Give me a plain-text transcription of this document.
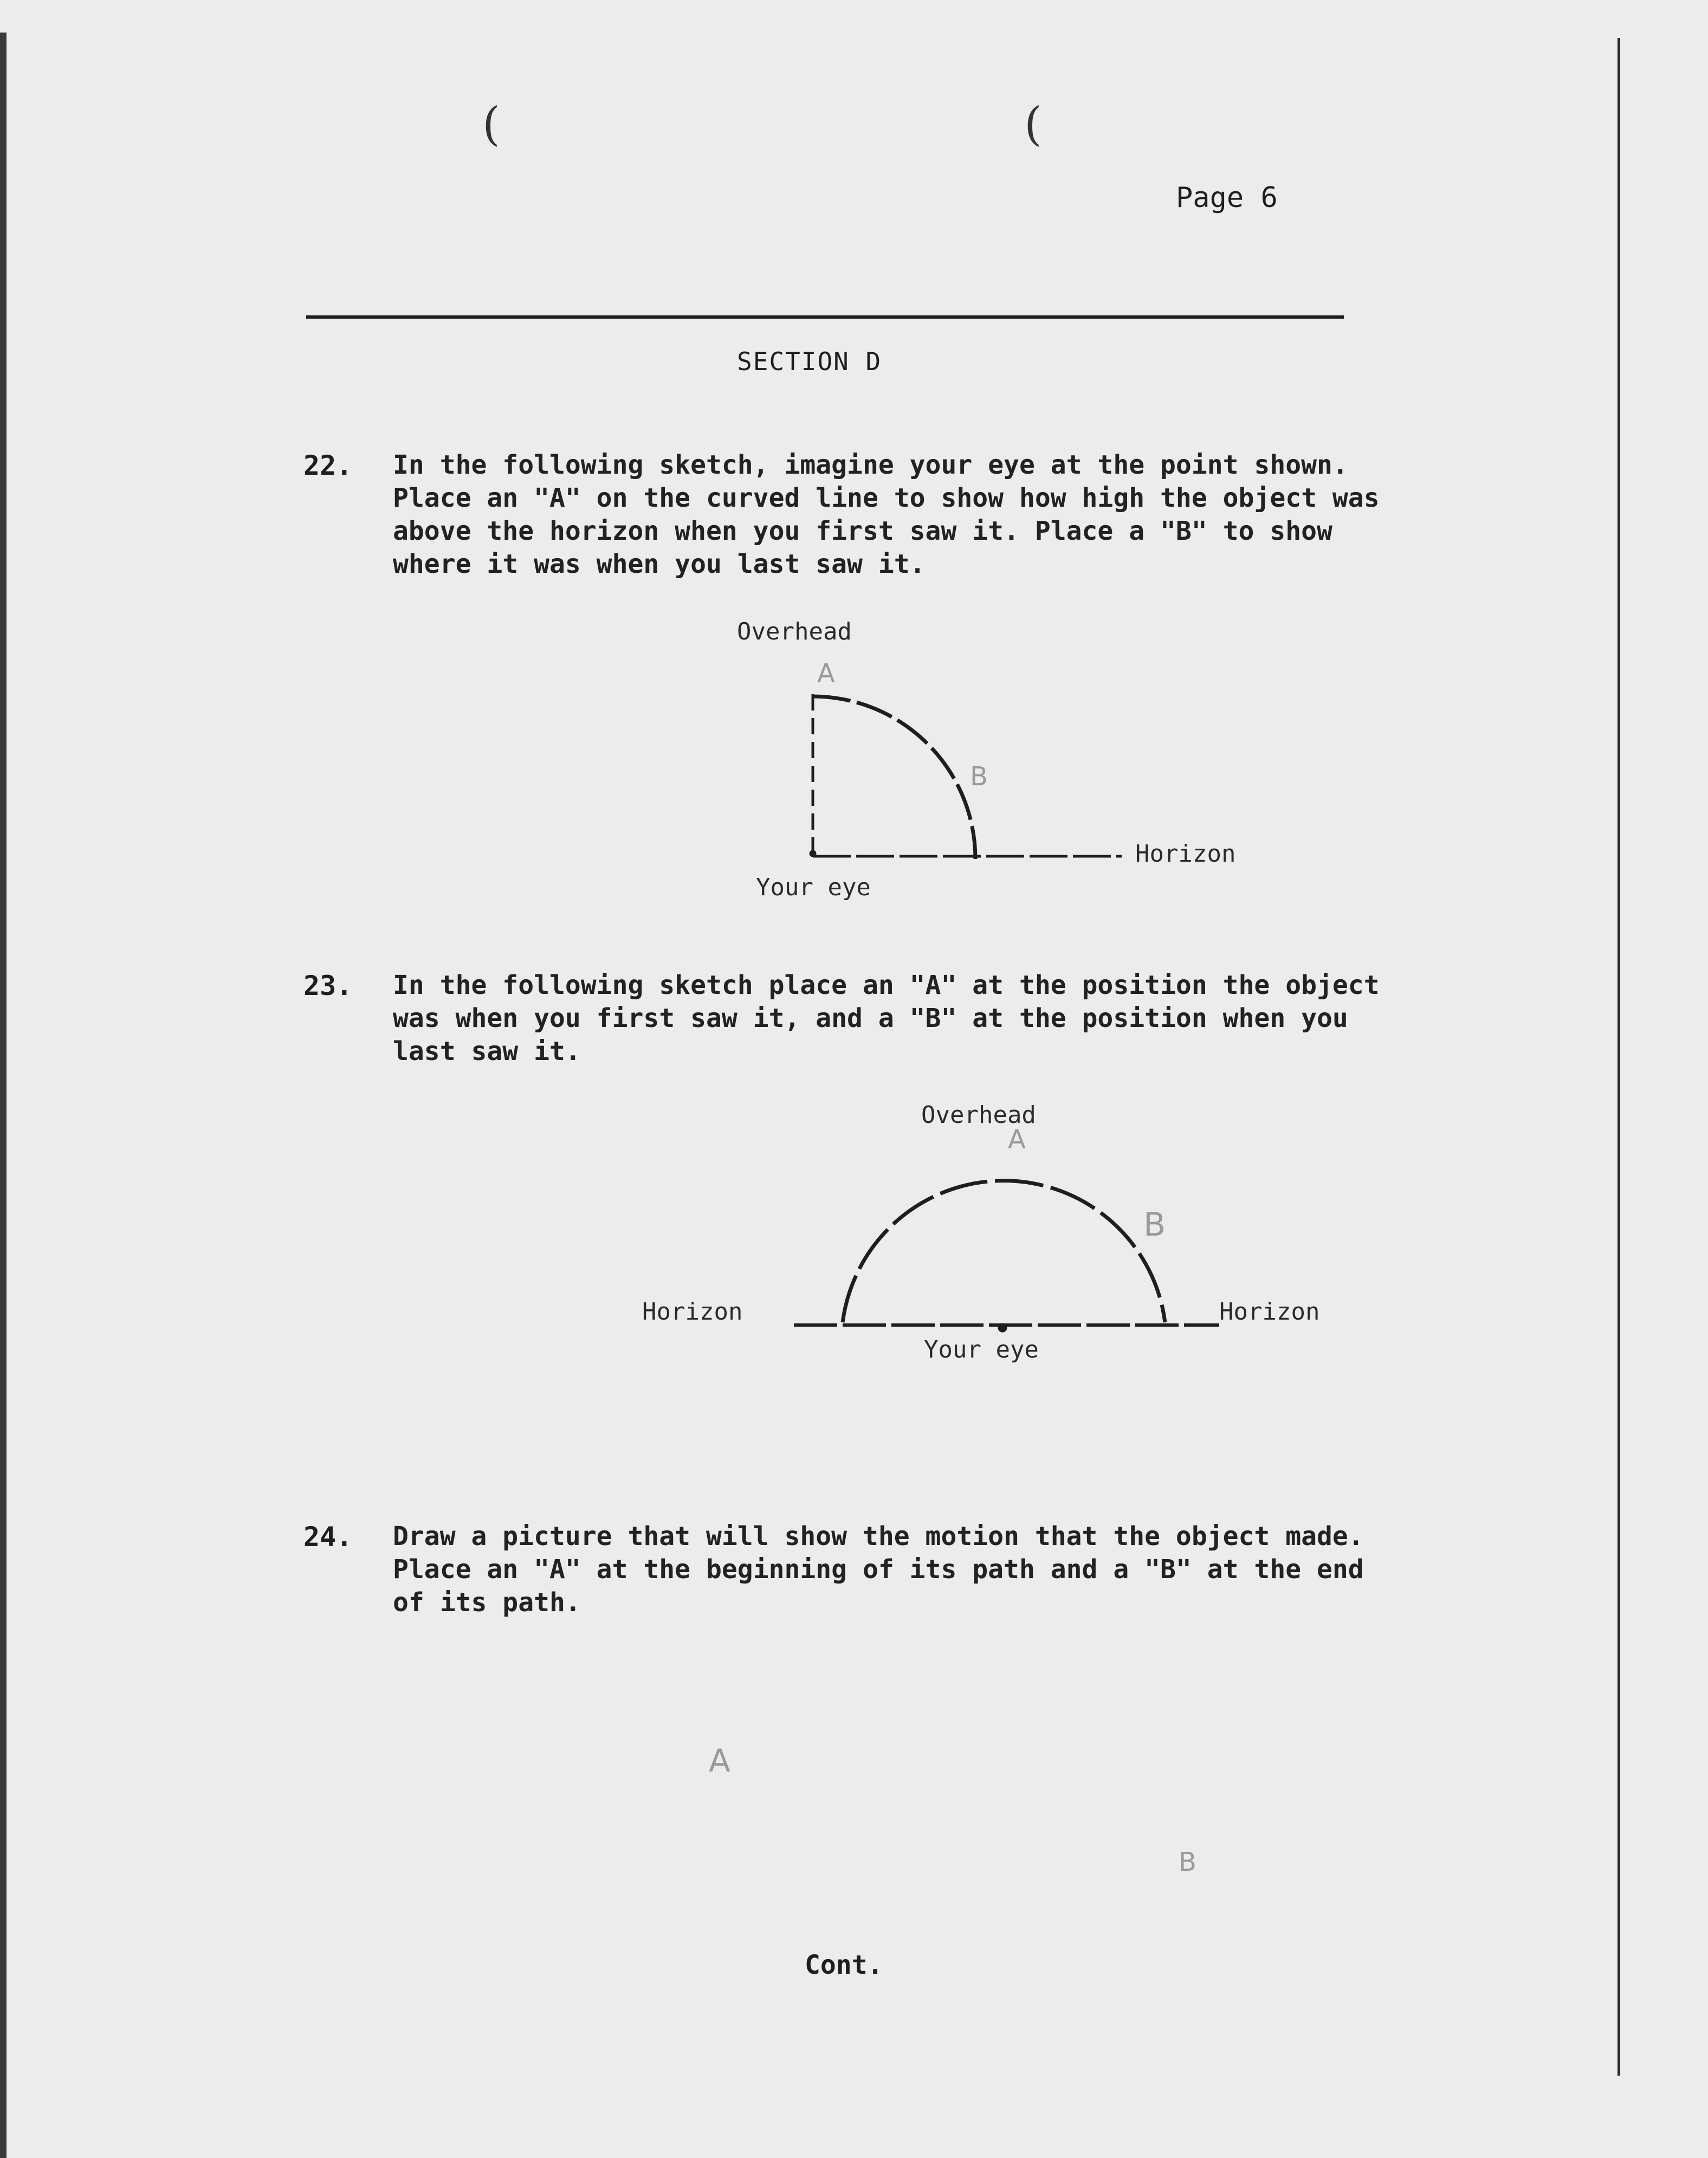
(	(
Page 6
SECTION D
22. In the following sketch, imagine your eye at the point shown.
Place an "A" on the curved line to show how high the object was
above the horizon when you first saw it. Place a "B" to show
where it was when you last saw it.
Overhead
Horizon
Your eye
A
B
23. In the following sketch place an "A" at the position the object
was when you first saw it, and a "B" at the position when you
last saw it.
Overhead
Horizon	Horizon
Your eye
A
B
24. Draw a picture that will show the motion that the object made.
Place an "A" at the beginning of its path and a "B" at the end
of its path.
A
B
Cont.
